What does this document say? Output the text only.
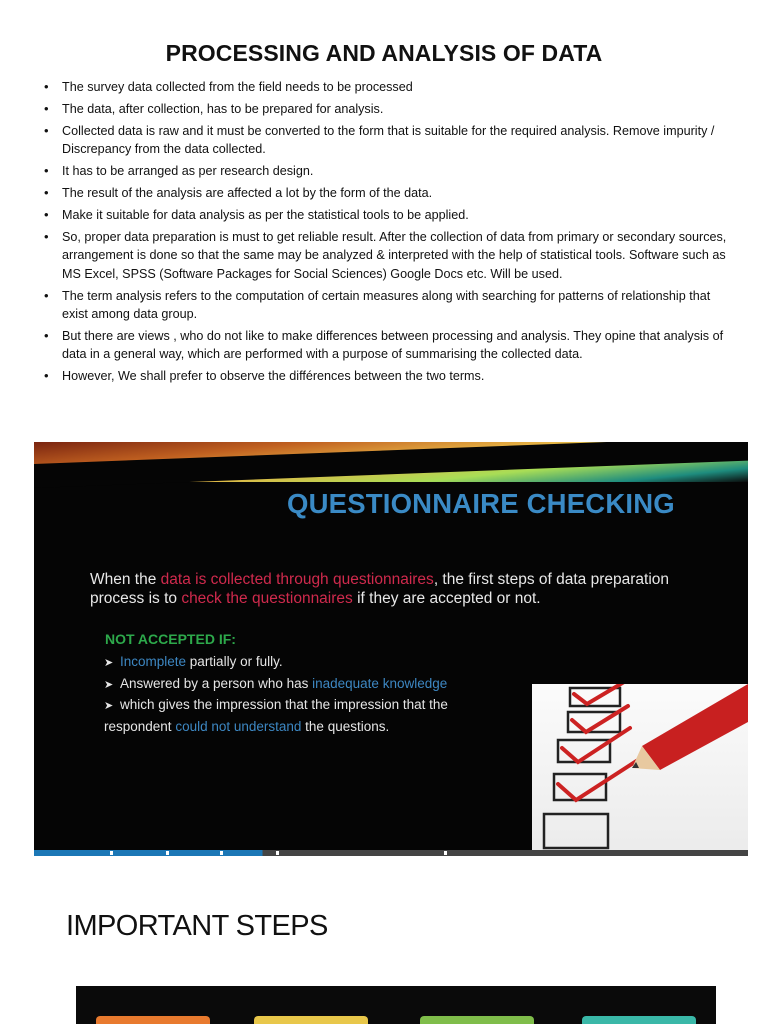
PROCESSING AND ANALYSIS OF DATA
• The survey data collected from the field needs to be processed
• The data, after collection, has to be prepared for analysis.
• Collected data is raw and it must be converted to the form that is suitable for the required analysis. Remove impurity / Discrepancy from the data collected.
• It has to be arranged as per research design.
• The result of the analysis are affected a lot by the form of the data.
• Make it suitable for data analysis as per the statistical tools to be applied.
• So, proper data preparation is must to get reliable result. After the collection of data from primary or secondary sources, arrangement is done so that the same may be analyzed & interpreted with the help of statistical tools. Software such as MS Excel, SPSS (Software Packages for Social Sciences) Google Docs etc. Will be used.
• The term analysis refers to the computation of certain measures along with searching for patterns of relationship that exist among data group.
• But there are views , who do not like to make differences between processing and analysis. They opine that analysis of data in a general way, which are performed with a purpose of summarising the collected data.
• However, We shall prefer to observe the différences between the two terms.
QUESTIONNAIRE CHECKING
When the data is collected through questionnaires, the first steps of data preparation process is to check the questionnaires if they are accepted or not.
NOT ACCEPTED IF:
➤ Incomplete partially or fully.
➤ Answered by a person who has inadequate knowledge
➤ which gives the impression that the impression that the
respondent could not understand the questions.
IMPORTANT STEPS
